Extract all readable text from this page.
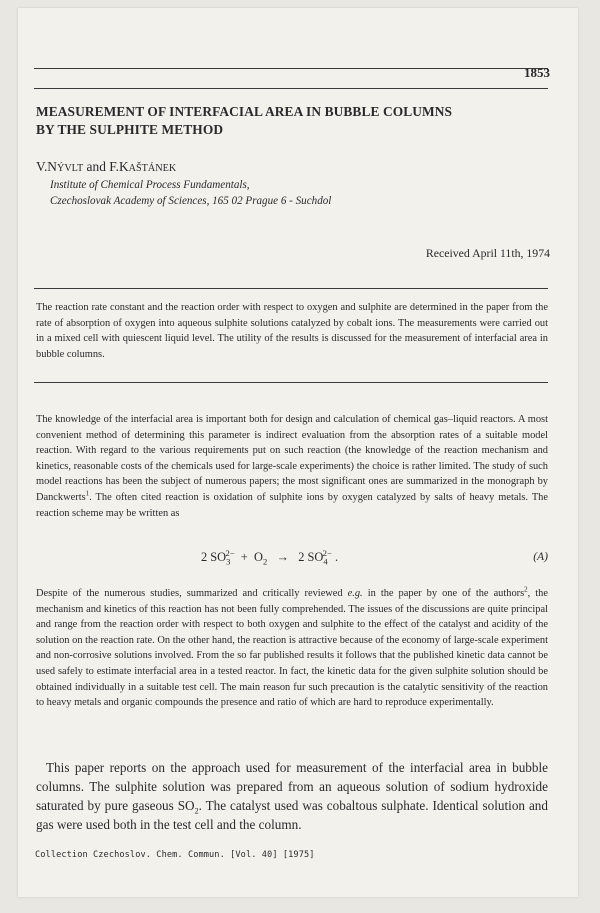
1853
MEASUREMENT OF INTERFACIAL AREA IN BUBBLE COLUMNS
BY THE SULPHITE METHOD

V.NÝVLT and F.KAŠTÁNEK

Institute of Chemical Process Fundamentals,
Czechoslovak Academy of Sciences, 165 02 Prague 6 - Suchdol

Received April 11th, 1974

The reaction rate constant and the reaction order with respect to oxygen and sulphite are determined in the paper from the rate of absorption of oxygen into aqueous sulphite solutions catalyzed by cobalt ions. The measurements were carried out in a mixed cell with quiescent liquid level. The utility of the results is discussed for the measurement of interfacial area in bubble columns.

The knowledge of the interfacial area is important both for design and calculation of chemical gas–liquid reactors. A most convenient method of determining this parameter is indirect evaluation from the absorption rates of a suitable model reaction. With regard to the various requirements put on such reaction (the knowledge of the reaction mechanism and kinetics, reasonable costs of the chemicals used for large-scale experiments) the choice is rather limited. The study of such model reactions has been the subject of numerous papers; the most significant ones are summarized in the monograph by Danckwerts$^1$. The often cited reaction is oxidation of sulphite ions by oxygen catalyzed by salts of heavy metals. The reaction scheme may be written as

2 $SO_3^{2-} + O_2 \to 2$ $SO_4^{2-}$ .	(A)

Despite of the numerous studies, summarized and critically reviewed e.g. in the paper by one of the authors$^2$, the mechanism and kinetics of this reaction has not been fully comprehended. The issues of the discussions are quite principal and range from the reaction order with respect to both oxygen and sulphite to the effect of the catalyst and acidity of the solution on the reaction rate. On the other hand, the reaction is attractive because of the economy of large-scale experiment and non-corrosive solutions involved. From the so far published results it follows that the published kinetic data cannot be used safely to estimate interfacial area in a tested reactor. In fact, the kinetic data for the given sulphite solution should be obtained individually in a suitable test cell. The main reason fur such precaution is the catalytic sensitivity of the reaction to heavy metals and organic compounds the presence and ratio of which are hard to reproduce experimentally.

This paper reports on the approach used for measurement of the interfacial area in bubble columns. The sulphite solution was prepared from an aqueous solution of sodium hydroxide saturated by pure gaseous $SO_2$. The catalyst used was cobaltous sulphate. Identical solution and gas were used both in the test cell and the column.

Collection Czechoslov. Chem. Commun. [Vol. 40] [1975]
